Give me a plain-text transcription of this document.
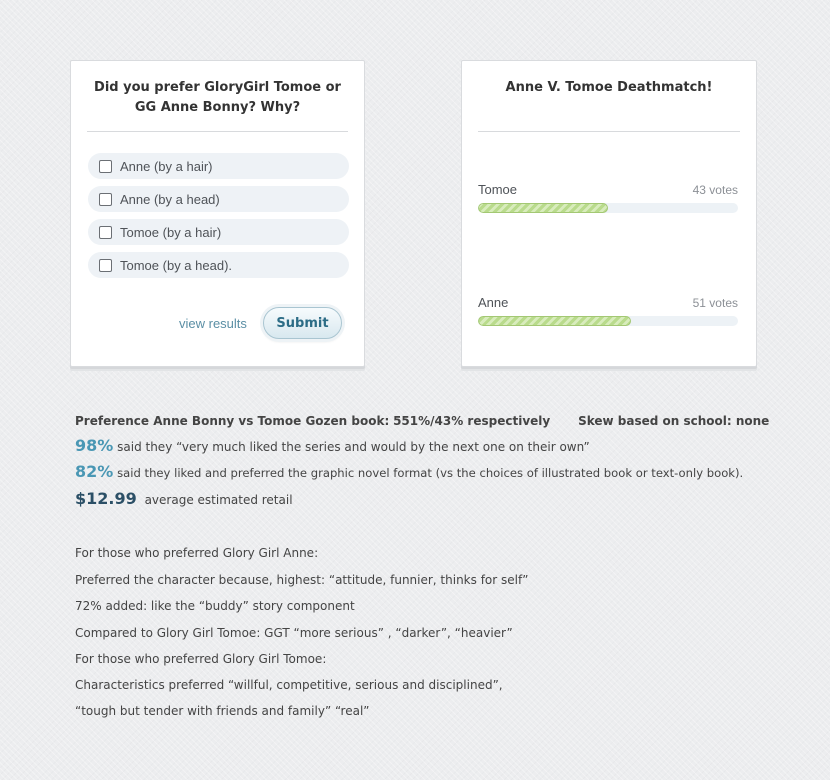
Did you prefer GloryGirl Tomoe or GG Anne Bonny? Why?
Anne (by a hair)
Anne (by a head)
Tomoe (by a hair)
Tomoe (by a head).
view results	Submit
Anne V. Tomoe Deathmatch!
Tomoe	43 votes
Anne	51 votes
Preference Anne Bonny vs Tomoe Gozen book: 551%/43% respectively Skew based on school: none
98% said they “very much liked the series and would by the next one on their own”
82% said they liked and preferred the graphic novel format (vs the choices of illustrated book or text-only book).
$12.99 average estimated retail
For those who preferred Glory Girl Anne:
Preferred the character because, highest: “attitude, funnier, thinks for self”
72% added: like the “buddy” story component
Compared to Glory Girl Tomoe: GGT “more serious” , “darker”, “heavier”
For those who preferred Glory Girl Tomoe:
Characteristics preferred “willful, competitive, serious and disciplined”,
“tough but tender with friends and family” “real”
